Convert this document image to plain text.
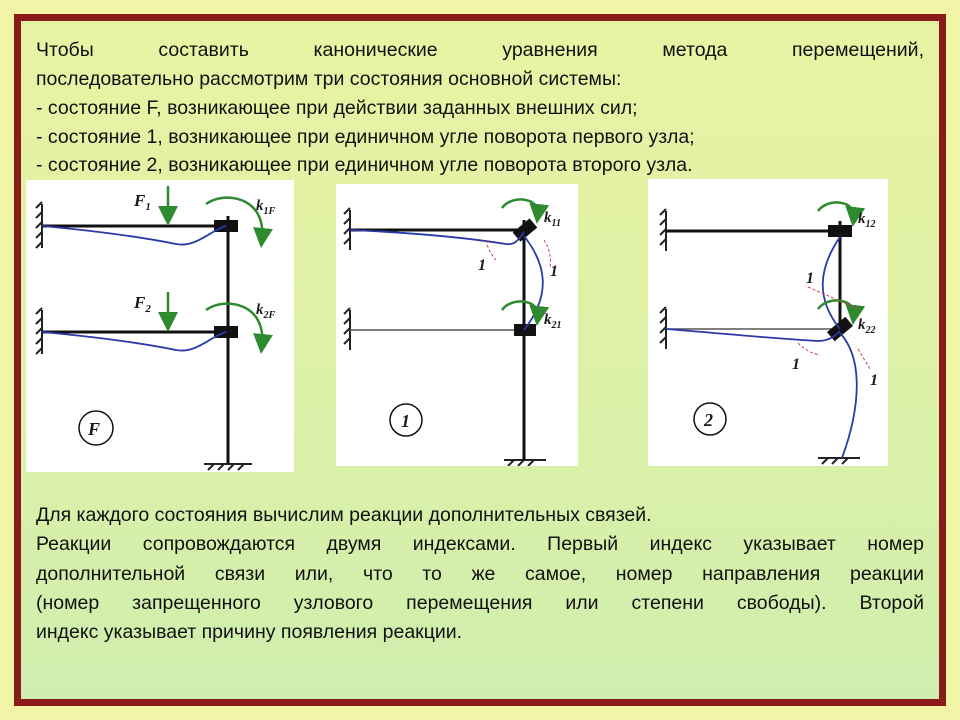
Чтобы составить канонические уравнения метода перемещений,
последовательно рассмотрим три состояния основной системы:
- состояние F, возникающее при действии заданных внешних сил;
- состояние 1, возникающее при единичном угле поворота первого узла;
- состояние 2, возникающее при единичном угле поворота второго узла.
$F_1$
$F_2$
$k_{1F}$
$k_{2F}$
F
$k_{11}$
$k_{21}$
1	1
1
$k_{12}$
$k_{22}$
1
1
1
2
Для каждого состояния вычислим реакции дополнительных связей.
Реакции сопровождаются двумя индексами. Первый индекс указывает номер
дополнительной связи или, что то же самое, номер направления реакции
(номер запрещенного узлового перемещения или степени свободы). Второй
индекс указывает причину появления реакции.
